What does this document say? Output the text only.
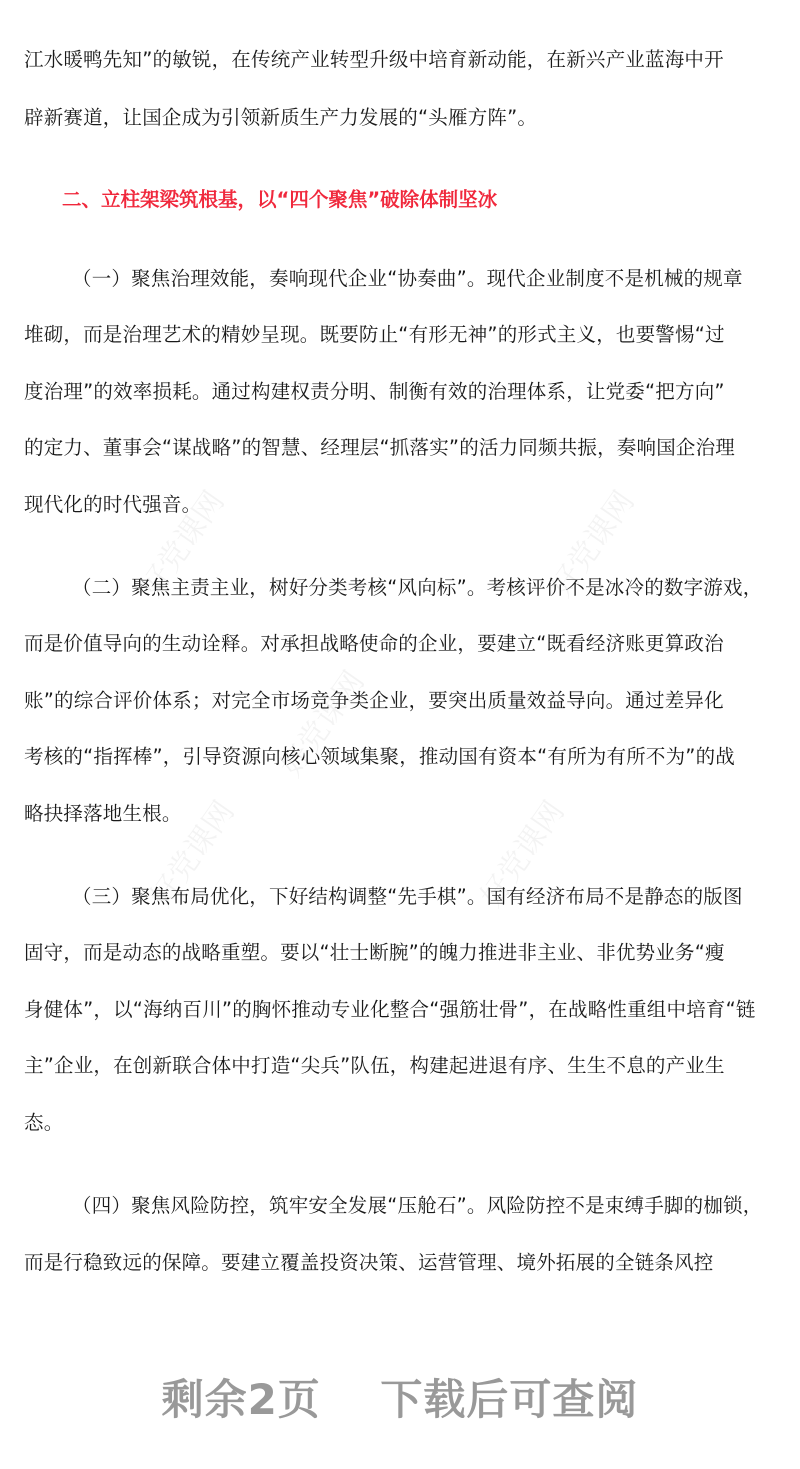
江水暖鸭先知”的敏锐，在传统产业转型升级中培育新动能，在新兴产业蓝海中开
辟新赛道，让国企成为引领新质生产力发展的“头雁方阵”。
二、立柱架梁筑根基，以“四个聚焦”破除体制坚冰
（一）聚焦治理效能，奏响现代企业“协奏曲”。现代企业制度不是机械的规章
堆砌，而是治理艺术的精妙呈现。既要防止“有形无神”的形式主义，也要警惕“过
度治理”的效率损耗。通过构建权责分明、制衡有效的治理体系，让党委“把方向”
的定力、董事会“谋战略”的智慧、经理层“抓落实”的活力同频共振，奏响国企治理
现代化的时代强音。
（二）聚焦主责主业，树好分类考核“风向标”。考核评价不是冰冷的数字游戏，
而是价值导向的生动诠释。对承担战略使命的企业，要建立“既看经济账更算政治
账”的综合评价体系；对完全市场竞争类企业，要突出质量效益导向。通过差异化
考核的“指挥棒”，引导资源向核心领域集聚，推动国有资本“有所为有所不为”的战
略抉择落地生根。
（三）聚焦布局优化，下好结构调整“先手棋”。国有经济布局不是静态的版图
固守，而是动态的战略重塑。要以“壮士断腕”的魄力推进非主业、非优势业务“瘦
身健体”，以“海纳百川”的胸怀推动专业化整合“强筋壮骨”，在战略性重组中培育“链
主”企业，在创新联合体中打造“尖兵”队伍，构建起进退有序、生生不息的产业生
态。
（四）聚焦风险防控，筑牢安全发展“压舱石”。风险防控不是束缚手脚的枷锁，
而是行稳致远的保障。要建立覆盖投资决策、运营管理、境外拓展的全链条风控
剩余2页 下载后可查阅
